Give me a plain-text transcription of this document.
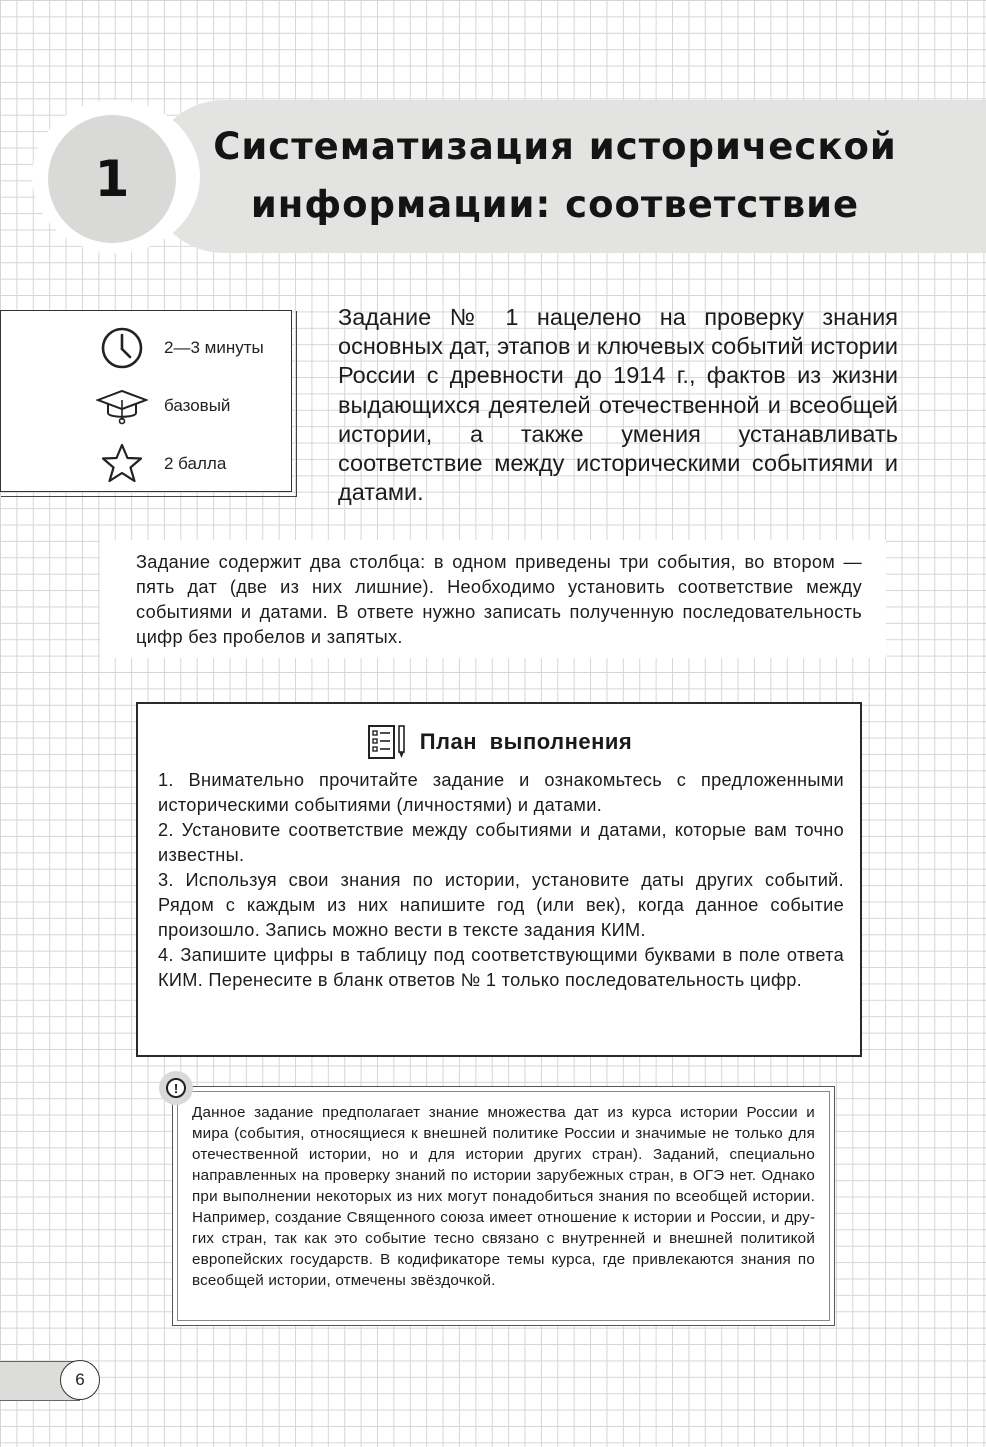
1
Систематизация исторической
информации: соответствие
2—3 минуты
базовый
2 балла

Задание № 1 нацелено на проверку знания основных дат, этапов и ключевых событий истории России с древности до 1914 г., фактов из жизни выдающихся деятелей отечественной и всеобщей истории, а также умения устанавливать соответствие между историческими событиями и датами.

Задание содержит два столбца: в одном приведены три события, во втором — пять дат (две из них лишние). Необходимо установить соответствие между событиями и датами. В ответе нужно записать полученную последовательность цифр без пробелов и запятых.

План выполнения
1. Внимательно прочитайте задание и ознакомьтесь с предложенными историческими событиями (личностями) и датами.
2. Установите соответствие между событиями и датами, которые вам точно известны.
3. Используя свои знания по истории, установите даты других событий. Рядом с каждым из них напишите год (или век), когда данное событие произошло. Запись можно вести в тексте задания КИМ.
4. Запишите цифры в таблицу под соответствующими буквами в поле ответа КИМ. Перенесите в бланк ответов № 1 только последовательность цифр.
!

Данное задание предполагает знание множества дат из курса истории России и мира (события, относящиеся к внешней политике России и значимые не только для отечественной истории, но и для истории других стран). Заданий, специально направленных на проверку знаний по истории зарубежных стран, в ОГЭ нет. Однако при выполнении некоторых из них могут понадобиться знания по всеобщей истории. Например, создание Священного союза имеет отношение к истории и России, и других стран, так как это событие тесно связано с внутренней и внешней политикой европейских государств. В кодификаторе темы курса, где привлекаются знания по всеобщей истории, отмечены звёздочкой.

6
